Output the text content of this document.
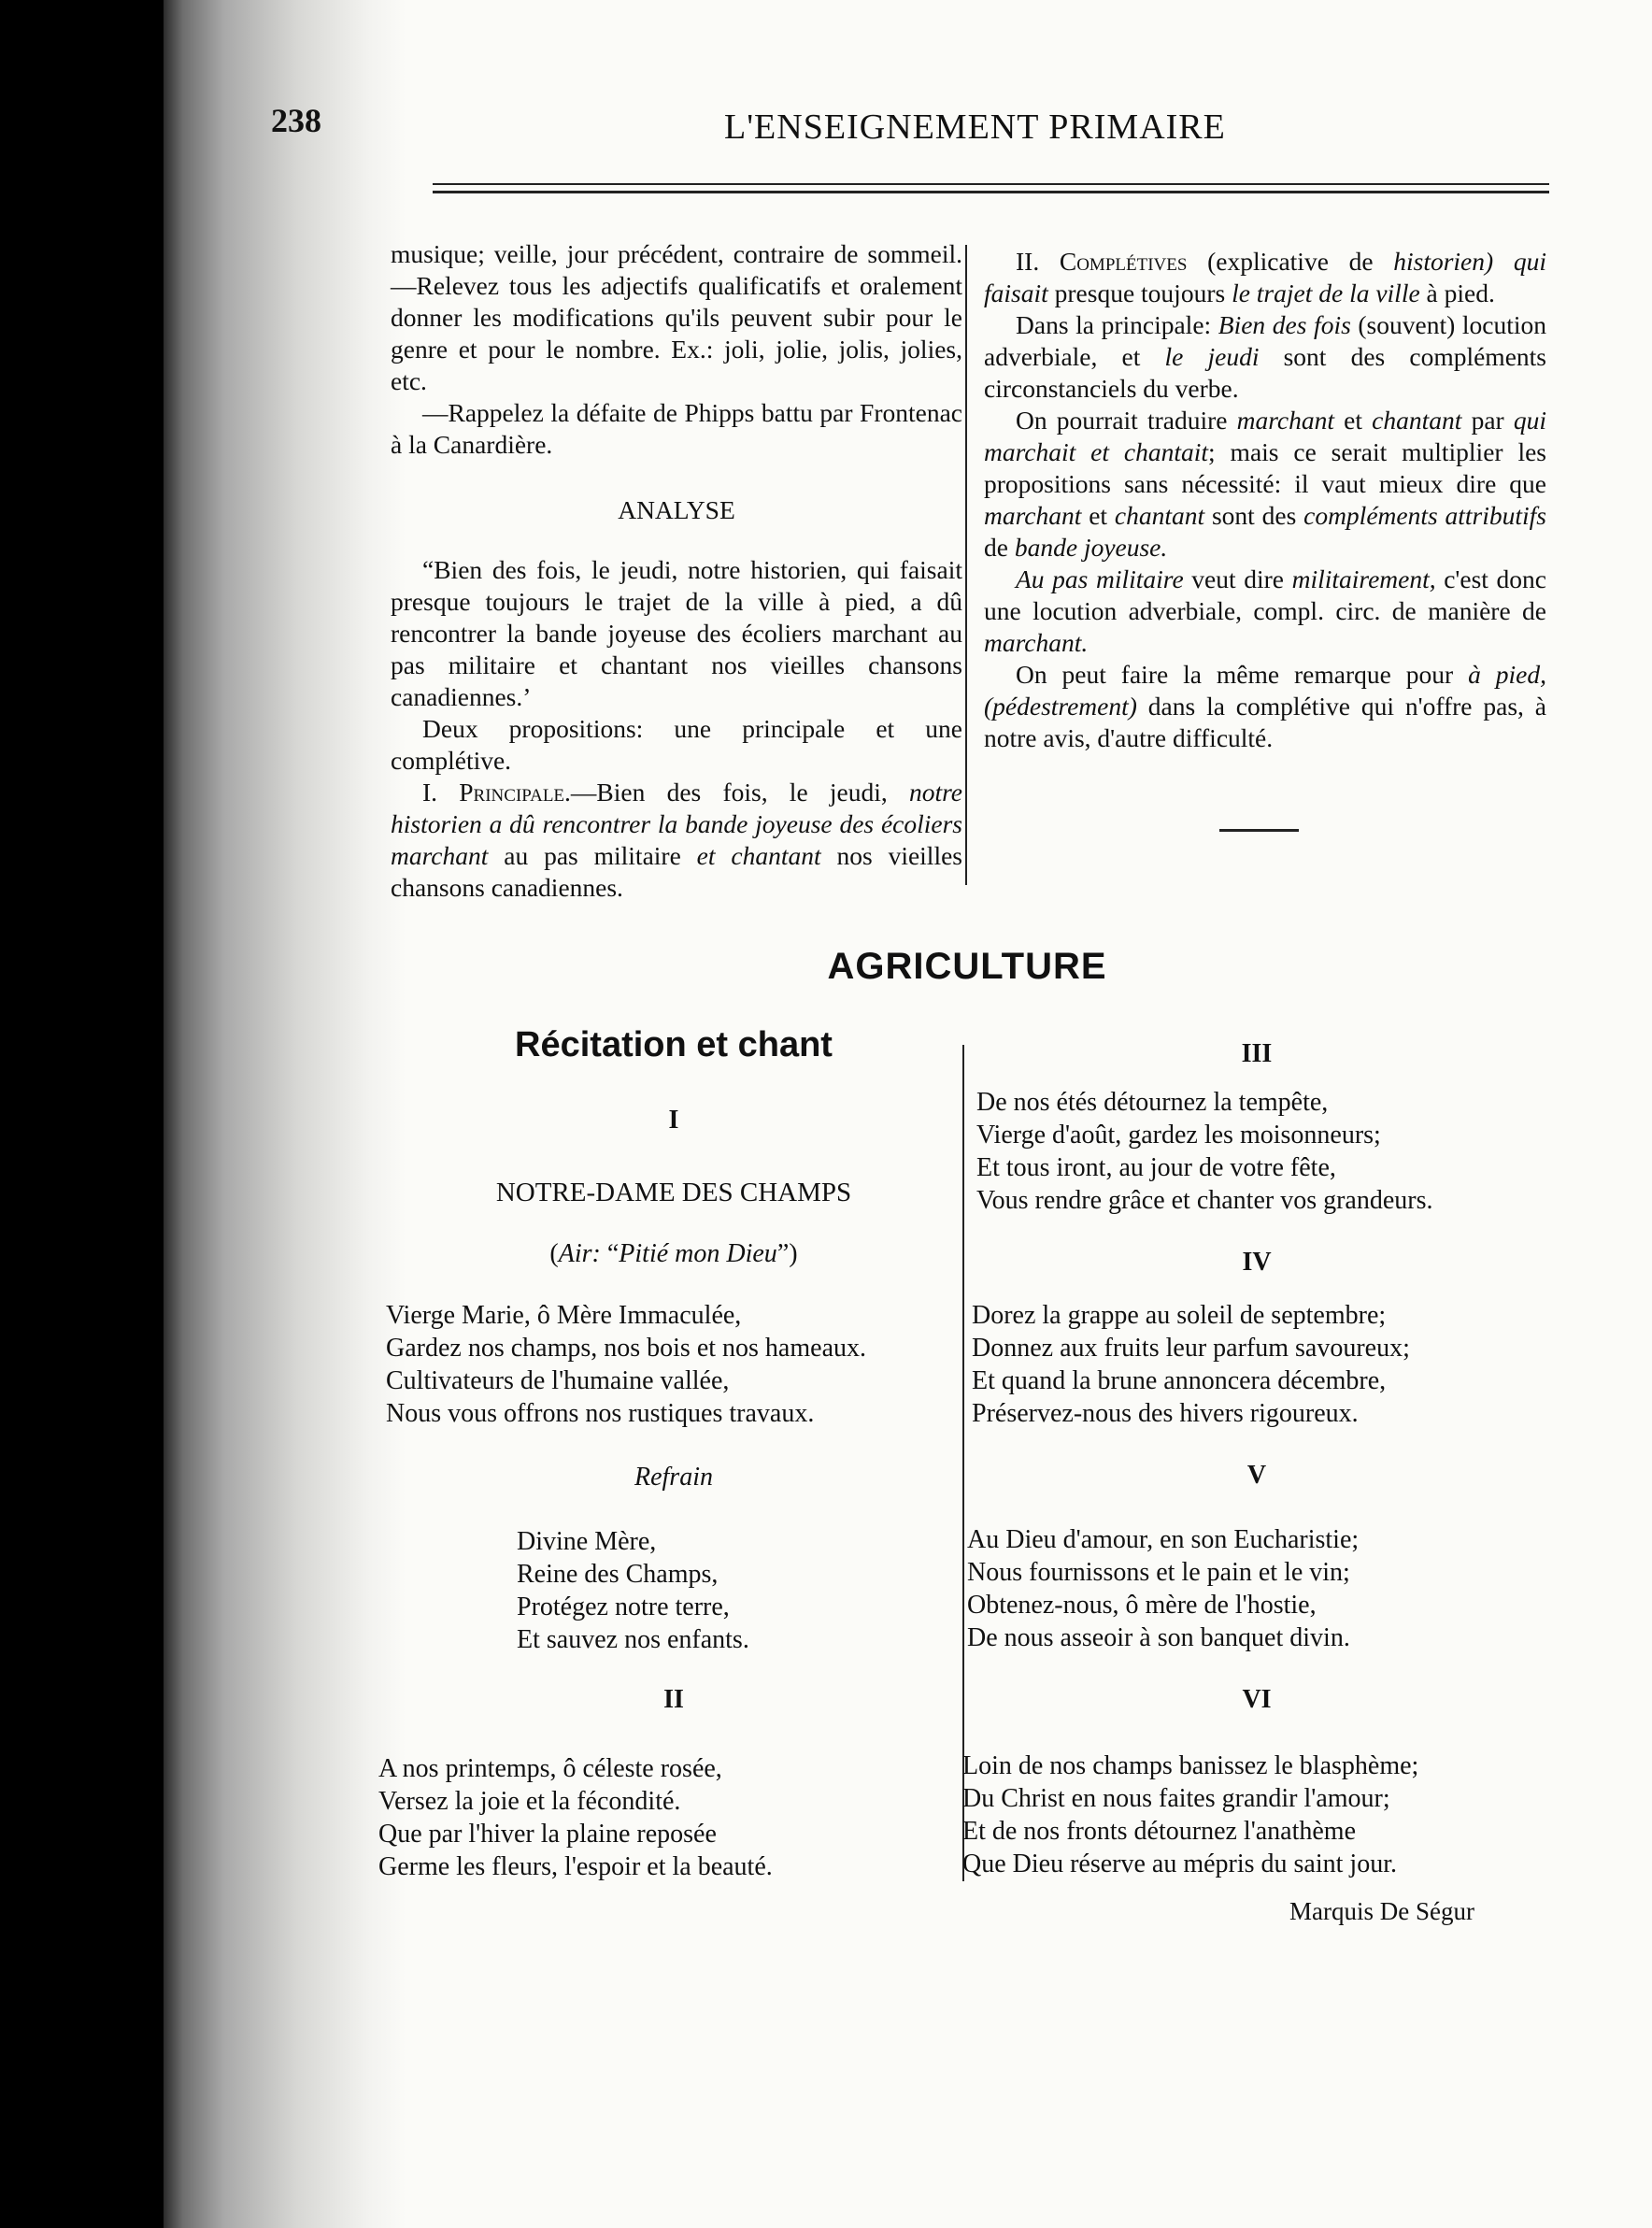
238	L'ENSEIGNEMENT PRIMAIRE

musique; veille, jour précédent, contraire de sommeil.—Relevez tous les adjectifs qualificatifs et oralement donner les modifications qu'ils peuvent subir pour le genre et pour le nombre. Ex.: joli, jolie, jolis, jolies, etc.

—Rappelez la défaite de Phipps battu par Frontenac à la Canardière.

ANALYSE

“Bien des fois, le jeudi, notre historien, qui faisait presque toujours le trajet de la ville à pied, a dû rencontrer la bande joyeuse des écoliers marchant au pas militaire et chantant nos vieilles chansons canadiennes.’

Deux propositions: une principale et une complétive.

I. Principale.—Bien des fois, le jeudi, notre historien a dû rencontrer la bande joyeuse des écoliers marchant au pas militaire et chantant nos vieilles chansons canadiennes.

II. Complétives (explicative de historien) qui faisait presque toujours le trajet de la ville à pied.

Dans la principale: Bien des fois (souvent) locution adverbiale, et le jeudi sont des compléments circonstanciels du verbe.

On pourrait traduire marchant et chantant par qui marchait et chantait; mais ce serait multiplier les propositions sans nécessité: il vaut mieux dire que marchant et chantant sont des compléments attributifs de bande joyeuse.

Au pas militaire veut dire militairement, c'est donc une locution adverbiale, compl. circ. de manière de marchant.

On peut faire la même remarque pour à pied, (pédestrement) dans la complétive qui n'offre pas, à notre avis, d'autre difficulté.

AGRICULTURE
Récitation et chant
I
NOTRE-DAME DES CHAMPS
(Air: “Pitié mon Dieu”)
Vierge Marie, ô Mère Immaculée,
Gardez nos champs, nos bois et nos hameaux.
Cultivateurs de l'humaine vallée,
Nous vous offrons nos rustiques travaux.
Refrain
Divine Mère,
Reine des Champs,
Protégez notre terre,
Et sauvez nos enfants.
II
A nos printemps, ô céleste rosée,
Versez la joie et la fécondité.
Que par l'hiver la plaine reposée
Germe les fleurs, l'espoir et la beauté.
III
De nos étés détournez la tempête,
Vierge d'août, gardez les moisonneurs;
Et tous iront, au jour de votre fête,
Vous rendre grâce et chanter vos grandeurs.
IV
Dorez la grappe au soleil de septembre;
Donnez aux fruits leur parfum savoureux;
Et quand la brune annoncera décembre,
Préservez-nous des hivers rigoureux.
V
Au Dieu d'amour, en son Eucharistie;
Nous fournissons et le pain et le vin;
Obtenez-nous, ô mère de l'hostie,
De nous asseoir à son banquet divin.
VI
Loin de nos champs banissez le blasphème;
Du Christ en nous faites grandir l'amour;
Et de nos fronts détournez l'anathème
Que Dieu réserve au mépris du saint jour.
Marquis De Ségur
